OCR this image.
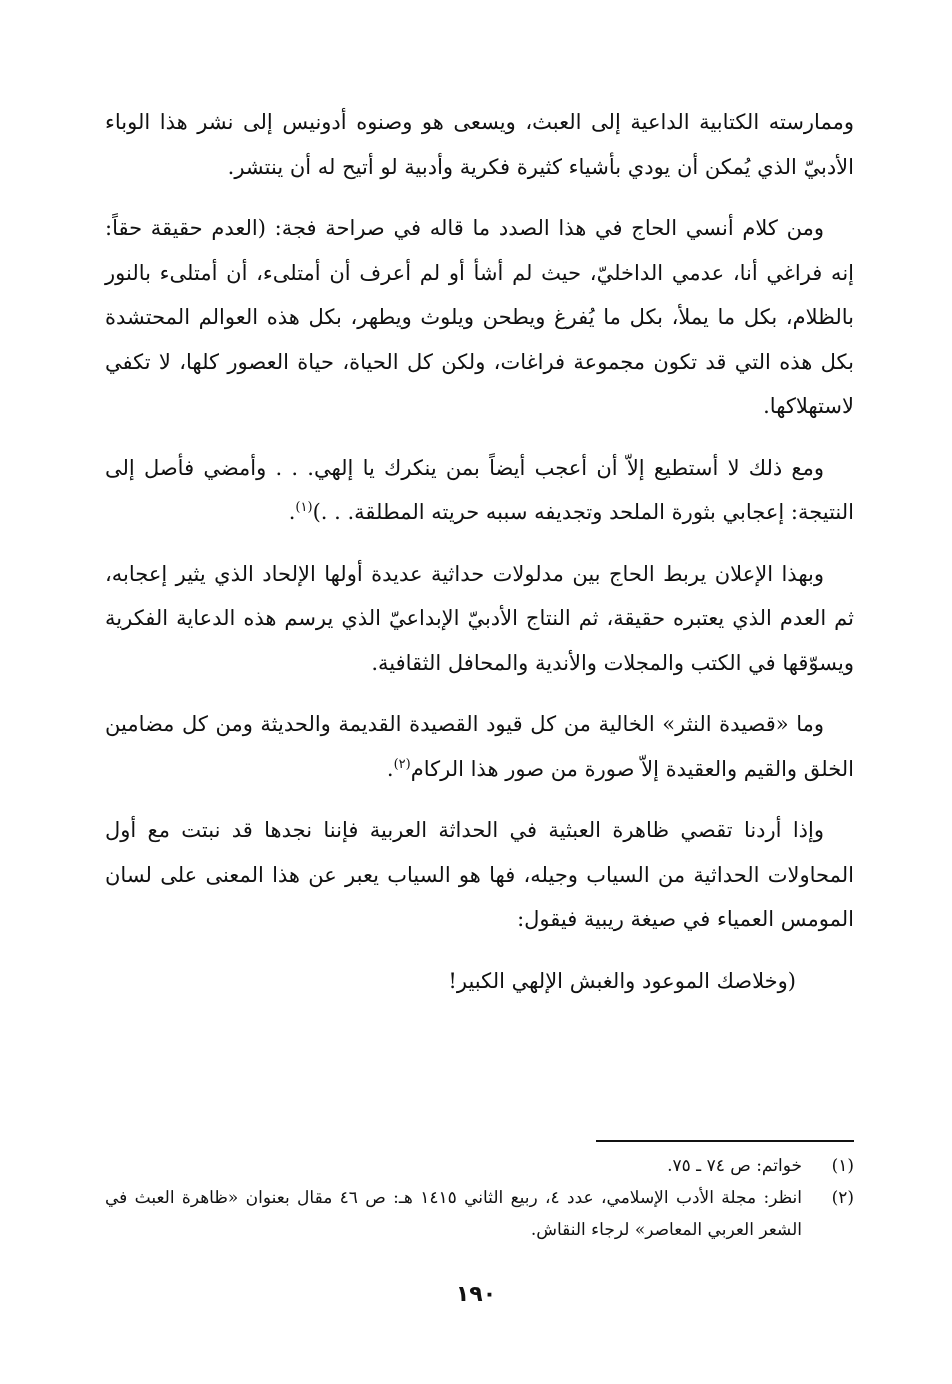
وممارسته الكتابية الداعية إلى العبث، ويسعى هو وصنوه أدونيس إلى نشر هذا الوباء الأدبيّ الذي يُمكن أن يودي بأشياء كثيرة فكرية وأدبية لو أتيح له أن ينتشر.

ومن كلام أنسي الحاج في هذا الصدد ما قاله في صراحة فجة: (العدم حقيقة حقاً: إنه فراغي أنا، عدمي الداخليّ، حيث لم أشأ أو لم أعرف أن أمتلىء، أن أمتلىء بالنور بالظلام، بكل ما يملأ، بكل ما يُفرغ ويطحن ويلوث ويطهر، بكل هذه العوالم المحتشدة بكل هذه التي قد تكون مجموعة فراغات، ولكن كل الحياة، حياة العصور كلها، لا تكفي لاستهلاكها.

ومع ذلك لا أستطيع إلاّ أن أعجب أيضاً بمن ينكرك يا إلهي. . . وأمضي فأصل إلى النتيجة: إعجابي بثورة الملحد وتجديفه سببه حريته المطلقة. . .)$^{(١)}$.

وبهذا الإعلان يربط الحاج بين مدلولات حداثية عديدة أولها الإلحاد الذي يثير إعجابه، ثم العدم الذي يعتبره حقيقة، ثم النتاج الأدبيّ الإبداعيّ الذي يرسم هذه الدعاية الفكرية ويسوّقها في الكتب والمجلات والأندية والمحافل الثقافية.

وما «قصيدة النثر» الخالية من كل قيود القصيدة القديمة والحديثة ومن كل مضامين الخلق والقيم والعقيدة إلاّ صورة من صور هذا الركام$^{(٢)}$.

وإذا أردنا تقصي ظاهرة العبثية في الحداثة العربية فإننا نجدها قد نبتت مع أول المحاولات الحداثية من السياب وجيله، فها هو السياب يعبر عن هذا المعنى على لسان المومس العمياء في صيغة ريبية فيقول:

(وخلاصك الموعود والغبش الإلهي الكبير!

(١)
خواتم: ص ٧٤ ـ ٧٥.

(٢)
انظر: مجلة الأدب الإسلامي، عدد ٤، ربيع الثاني ١٤١٥ هـ: ص ٤٦ مقال بعنوان «ظاهرة العبث في الشعر العربي المعاصر» لرجاء النقاش.

١٩٠
